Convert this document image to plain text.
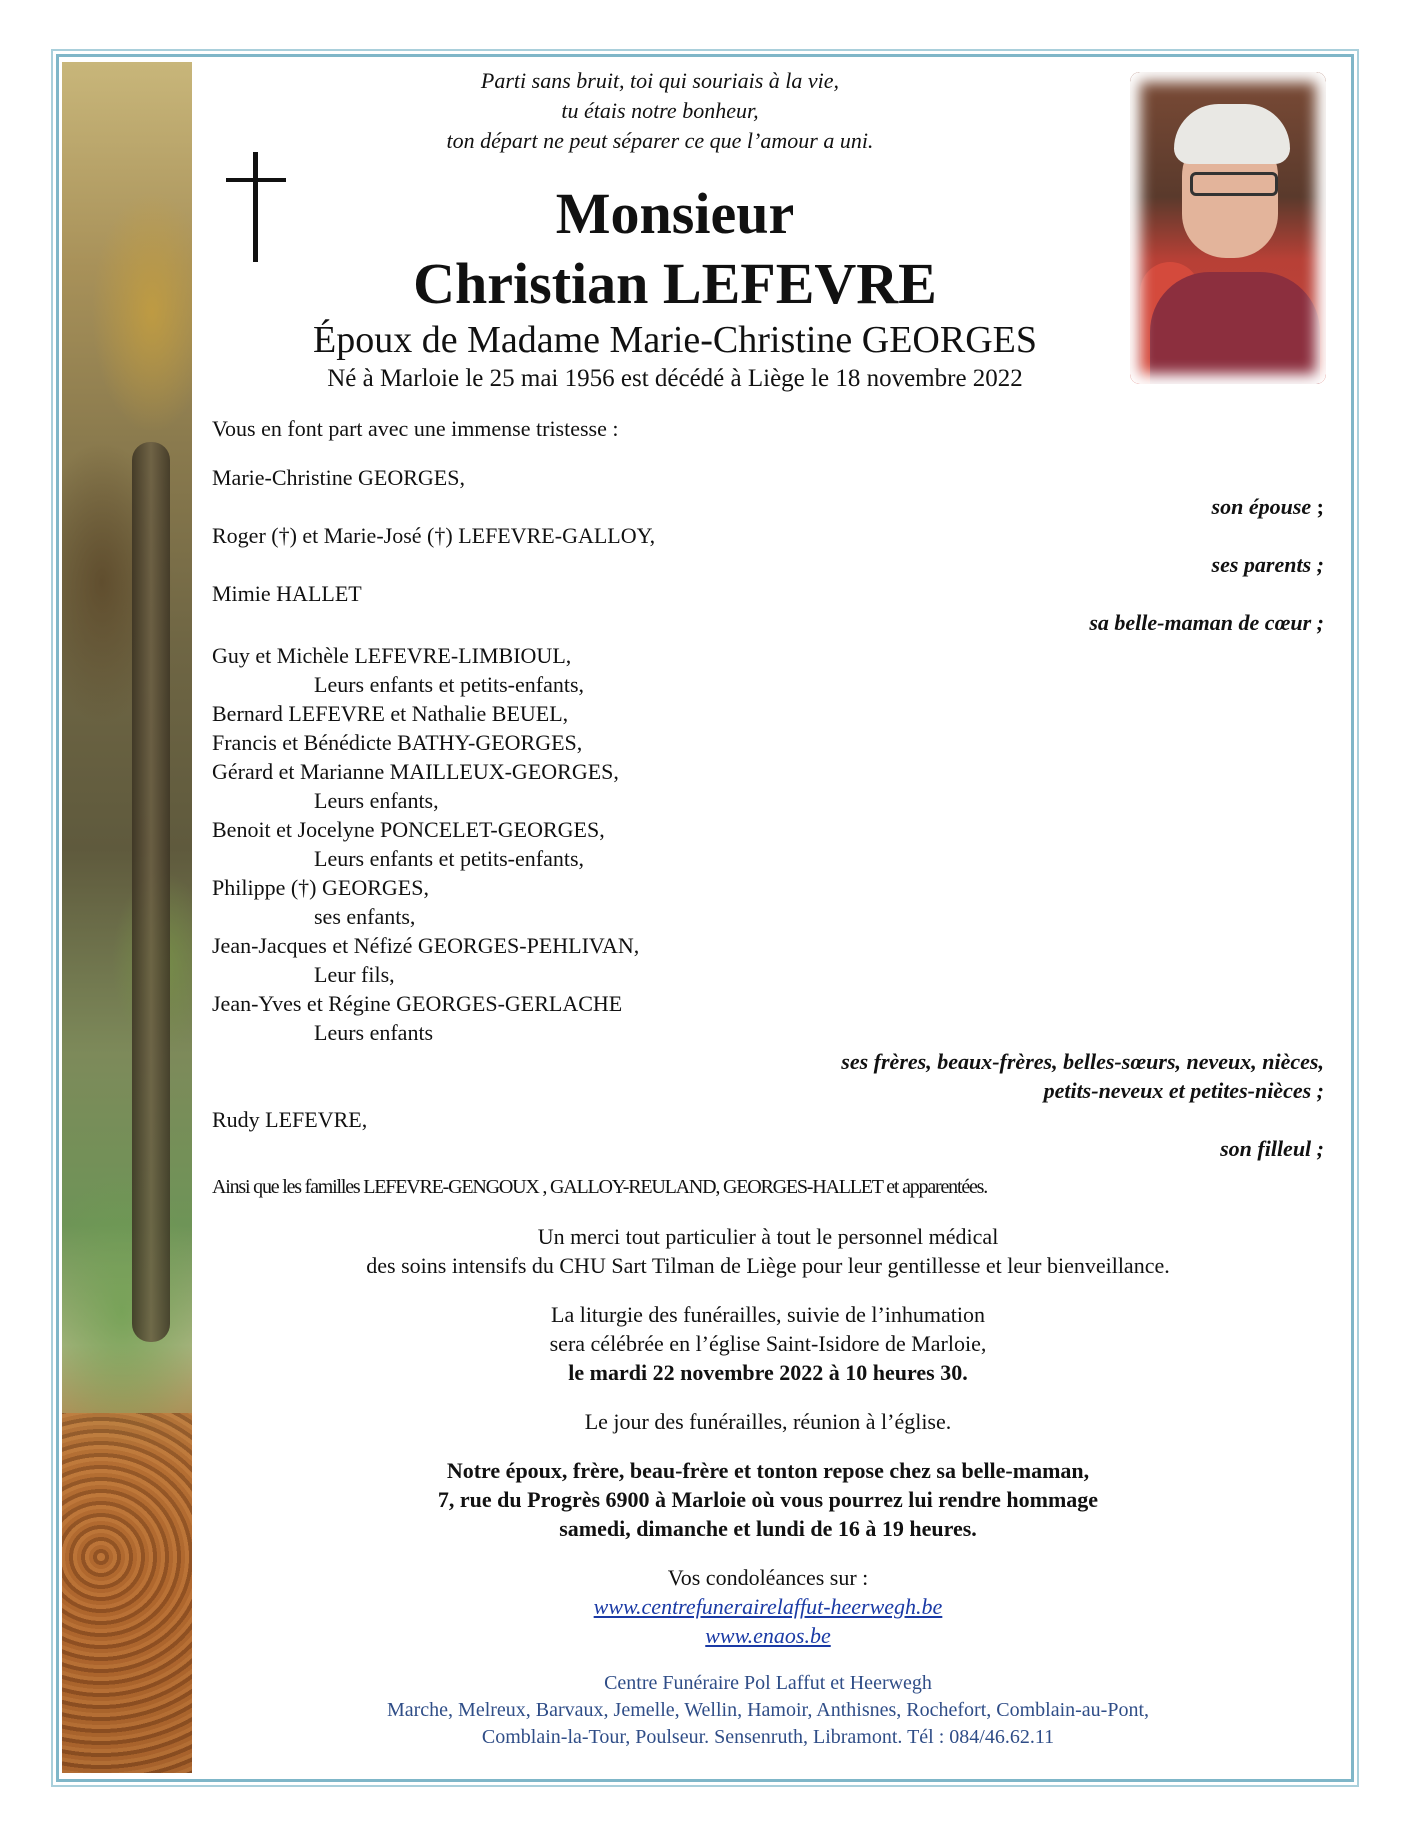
Parti sans bruit, toi qui souriais à la vie,
tu étais notre bonheur,
ton départ ne peut séparer ce que l’amour a uni.
Monsieur
Christian LEFEVRE
Époux de Madame Marie-Christine GEORGES
Né à Marloie le 25 mai 1956 est décédé à Liège le 18 novembre 2022

Vous en font part avec une immense tristesse :

Marie-Christine GEORGES,

son épouse ;

Roger (†) et Marie-José (†) LEFEVRE-GALLOY,

ses parents ;

Mimie HALLET

sa belle-maman de cœur ;

Guy et Michèle LEFEVRE-LIMBIOUL,

Leurs enfants et petits-enfants,

Bernard LEFEVRE et Nathalie BEUEL,

Francis et Bénédicte BATHY-GEORGES,

Gérard et Marianne MAILLEUX-GEORGES,

Leurs enfants,

Benoit et Jocelyne PONCELET-GEORGES,

Leurs enfants et petits-enfants,

Philippe (†) GEORGES,

ses enfants,

Jean-Jacques et Néfizé GEORGES-PEHLIVAN,

Leur fils,

Jean-Yves et Régine GEORGES-GERLACHE

Leurs enfants

ses frères, beaux-frères, belles-sœurs, neveux, nièces,

petits-neveux et petites-nièces ;

Rudy LEFEVRE,

son filleul ;

Ainsi que les familles LEFEVRE-GENGOUX , GALLOY-REULAND, GEORGES-HALLET et apparentées.

Un merci tout particulier à tout le personnel médical

des soins intensifs du CHU Sart Tilman de Liège pour leur gentillesse et leur bienveillance.

La liturgie des funérailles, suivie de l’inhumation

sera célébrée en l’église Saint-Isidore de Marloie,

le mardi 22 novembre 2022 à 10 heures 30.

Le jour des funérailles, réunion à l’église.

Notre époux, frère, beau-frère et tonton repose chez sa belle-maman,

7, rue du Progrès 6900 à Marloie où vous pourrez lui rendre hommage

samedi, dimanche et lundi de 16 à 19 heures.

Vos condoléances sur :

www.centrefunerairelaffut-heerwegh.be

www.enaos.be

Centre Funéraire Pol Laffut et Heerwegh

Marche, Melreux, Barvaux, Jemelle, Wellin, Hamoir, Anthisnes, Rochefort, Comblain-au-Pont,

Comblain-la-Tour, Poulseur. Sensenruth, Libramont. Tél : 084/46.62.11
